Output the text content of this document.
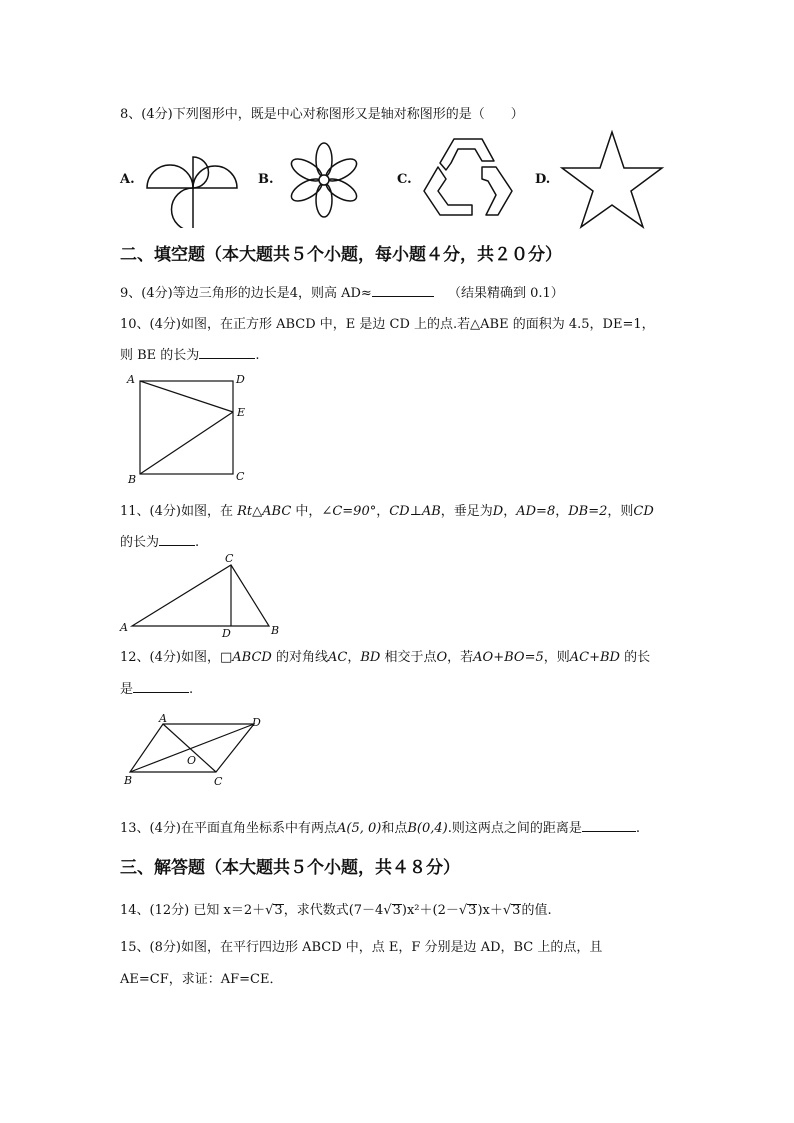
8、(4分)下列图形中，既是中心对称图形又是轴对称图形的是（　　）
A.	B.	C.	D.
二、填空题（本大题共５个小题，每小题４分，共２０分）
9、(4分)等边三角形的边长是4，则高 AD≈	（结果精确到 0.1）
10、(4分)如图，在正方形 ABCD 中，E 是边 CD 上的点.若△ABE 的面积为 4.5，DE=1，
则 BE 的长为	.
A	D
E
B	C
11、(4分)如图，在 Rt△ABC 中，∠C=90°，CD⊥AB，垂足为D，AD=8，DB=2，则CD
的长为	.
C
A	D	B
12、(4分)如图，□ABCD 的对角线AC，BD 相交于点O，若AO+BO=5，则AC+BD 的长
是	.
A	D
O
B	C
13、(4分)在平面直角坐标系中有两点A(5, 0)和点B(0,4).则这两点之间的距离是	.
三、解答题（本大题共５个小题，共４８分）
14、(12分) 已知 x＝2＋√3，求代数式(7－4√3)x²＋(2－√3)x＋√3的值.
15、(8分)如图，在平行四边形 ABCD 中，点 E，F 分别是边 AD，BC 上的点，且
AE=CF，求证：AF=CE．
